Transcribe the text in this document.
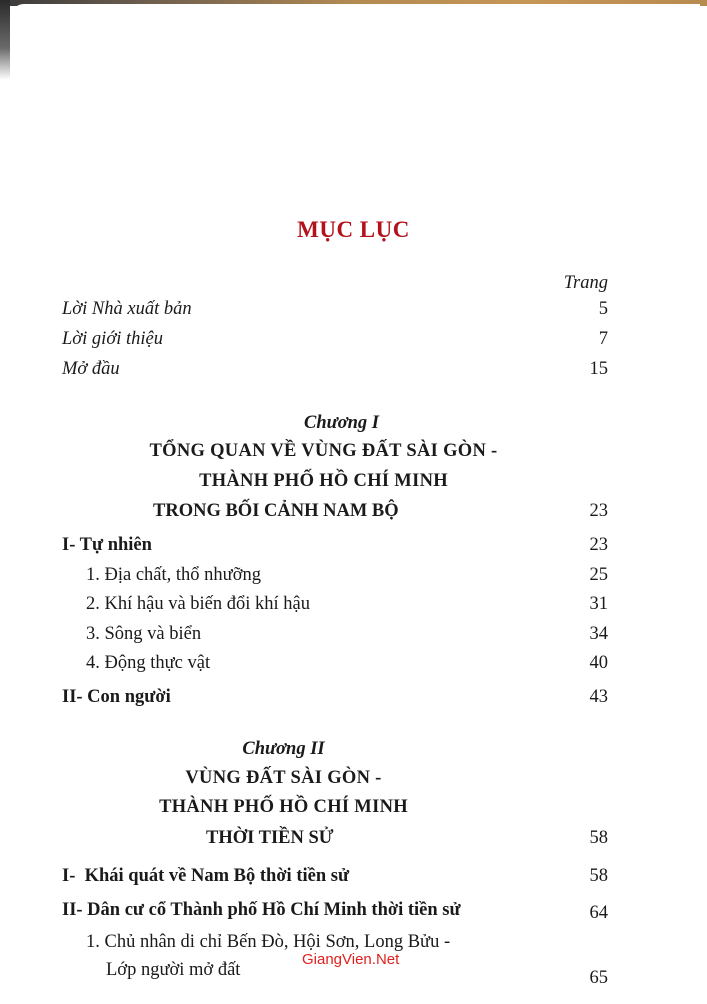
MỤC LỤC
Trang
Lời Nhà xuất bản	5
Lời giới thiệu	7
Mở đầu	15
Chương I
TỔNG QUAN VỀ VÙNG ĐẤT SÀI GÒN -
THÀNH PHỐ HỒ CHÍ MINH
TRONG BỐI CẢNH NAM BỘ	23
I- Tự nhiên	23
1. Địa chất, thổ nhưỡng	25
2. Khí hậu và biến đổi khí hậu	31
3. Sông và biển	34
4. Động thực vật	40
II- Con người	43
Chương II
VÙNG ĐẤT SÀI GÒN -
THÀNH PHỐ HỒ CHÍ MINH
THỜI TIỀN SỬ	58
I-  Khái quát về Nam Bộ thời tiền sử	58
II- Dân cư cổ Thành phố Hồ Chí Minh thời tiền sử	64
1. Chủ nhân di chỉ Bến Đò, Hội Sơn, Long Bửu -
Lớp người mở đất	65
GiangVien.Net
